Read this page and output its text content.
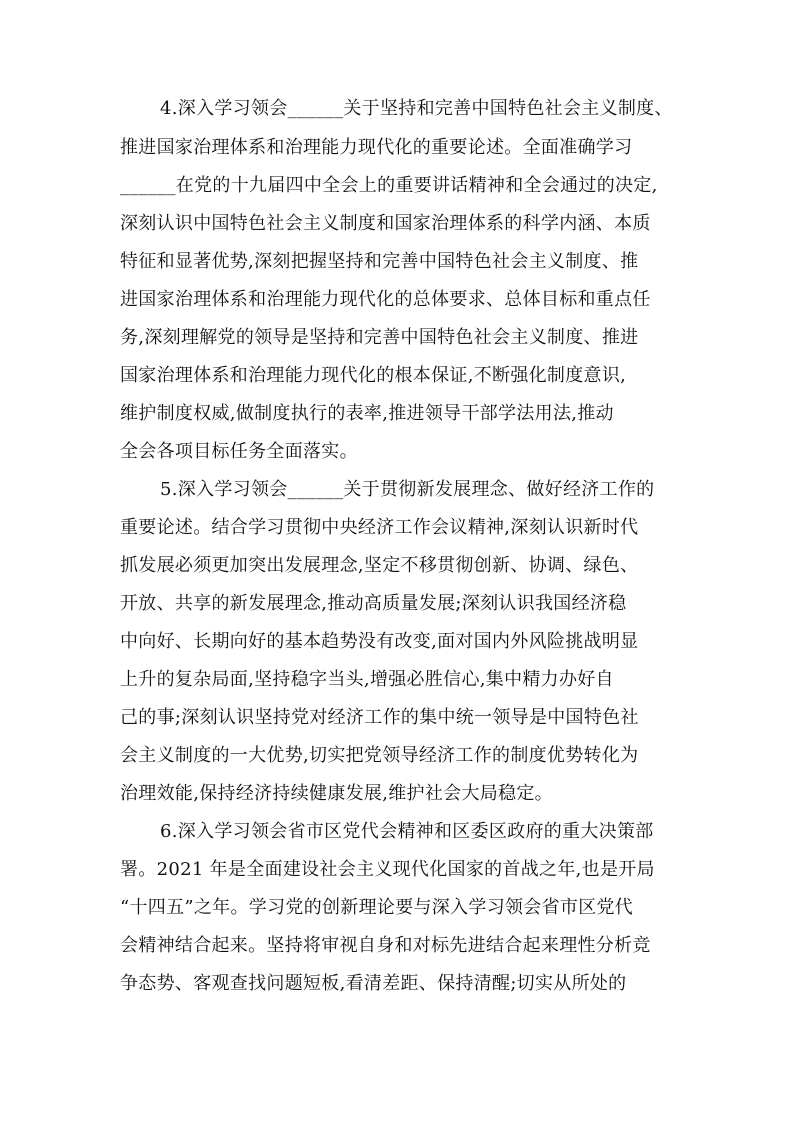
4.深入学习领会______关于坚持和完善中国特色社会主义制度、
推进国家治理体系和治理能力现代化的重要论述。全面准确学习
______在党的十九届四中全会上的重要讲话精神和全会通过的决定,
深刻认识中国特色社会主义制度和国家治理体系的科学内涵、本质
特征和显著优势,深刻把握坚持和完善中国特色社会主义制度、推
进国家治理体系和治理能力现代化的总体要求、总体目标和重点任
务,深刻理解党的领导是坚持和完善中国特色社会主义制度、推进
国家治理体系和治理能力现代化的根本保证,不断强化制度意识,
维护制度权威,做制度执行的表率,推进领导干部学法用法,推动
全会各项目标任务全面落实。
5.深入学习领会______关于贯彻新发展理念、做好经济工作的
重要论述。结合学习贯彻中央经济工作会议精神,深刻认识新时代
抓发展必须更加突出发展理念,坚定不移贯彻创新、协调、绿色、
开放、共享的新发展理念,推动高质量发展;深刻认识我国经济稳
中向好、长期向好的基本趋势没有改变,面对国内外风险挑战明显
上升的复杂局面,坚持稳字当头,增强必胜信心,集中精力办好自
己的事;深刻认识坚持党对经济工作的集中统一领导是中国特色社
会主义制度的一大优势,切实把党领导经济工作的制度优势转化为
治理效能,保持经济持续健康发展,维护社会大局稳定。
6.深入学习领会省市区党代会精神和区委区政府的重大决策部
署。2021 年是全面建设社会主义现代化国家的首战之年,也是开局
“十四五”之年。学习党的创新理论要与深入学习领会省市区党代
会精神结合起来。坚持将审视自身和对标先进结合起来理性分析竞
争态势、客观查找问题短板,看清差距、保持清醒;切实从所处的
